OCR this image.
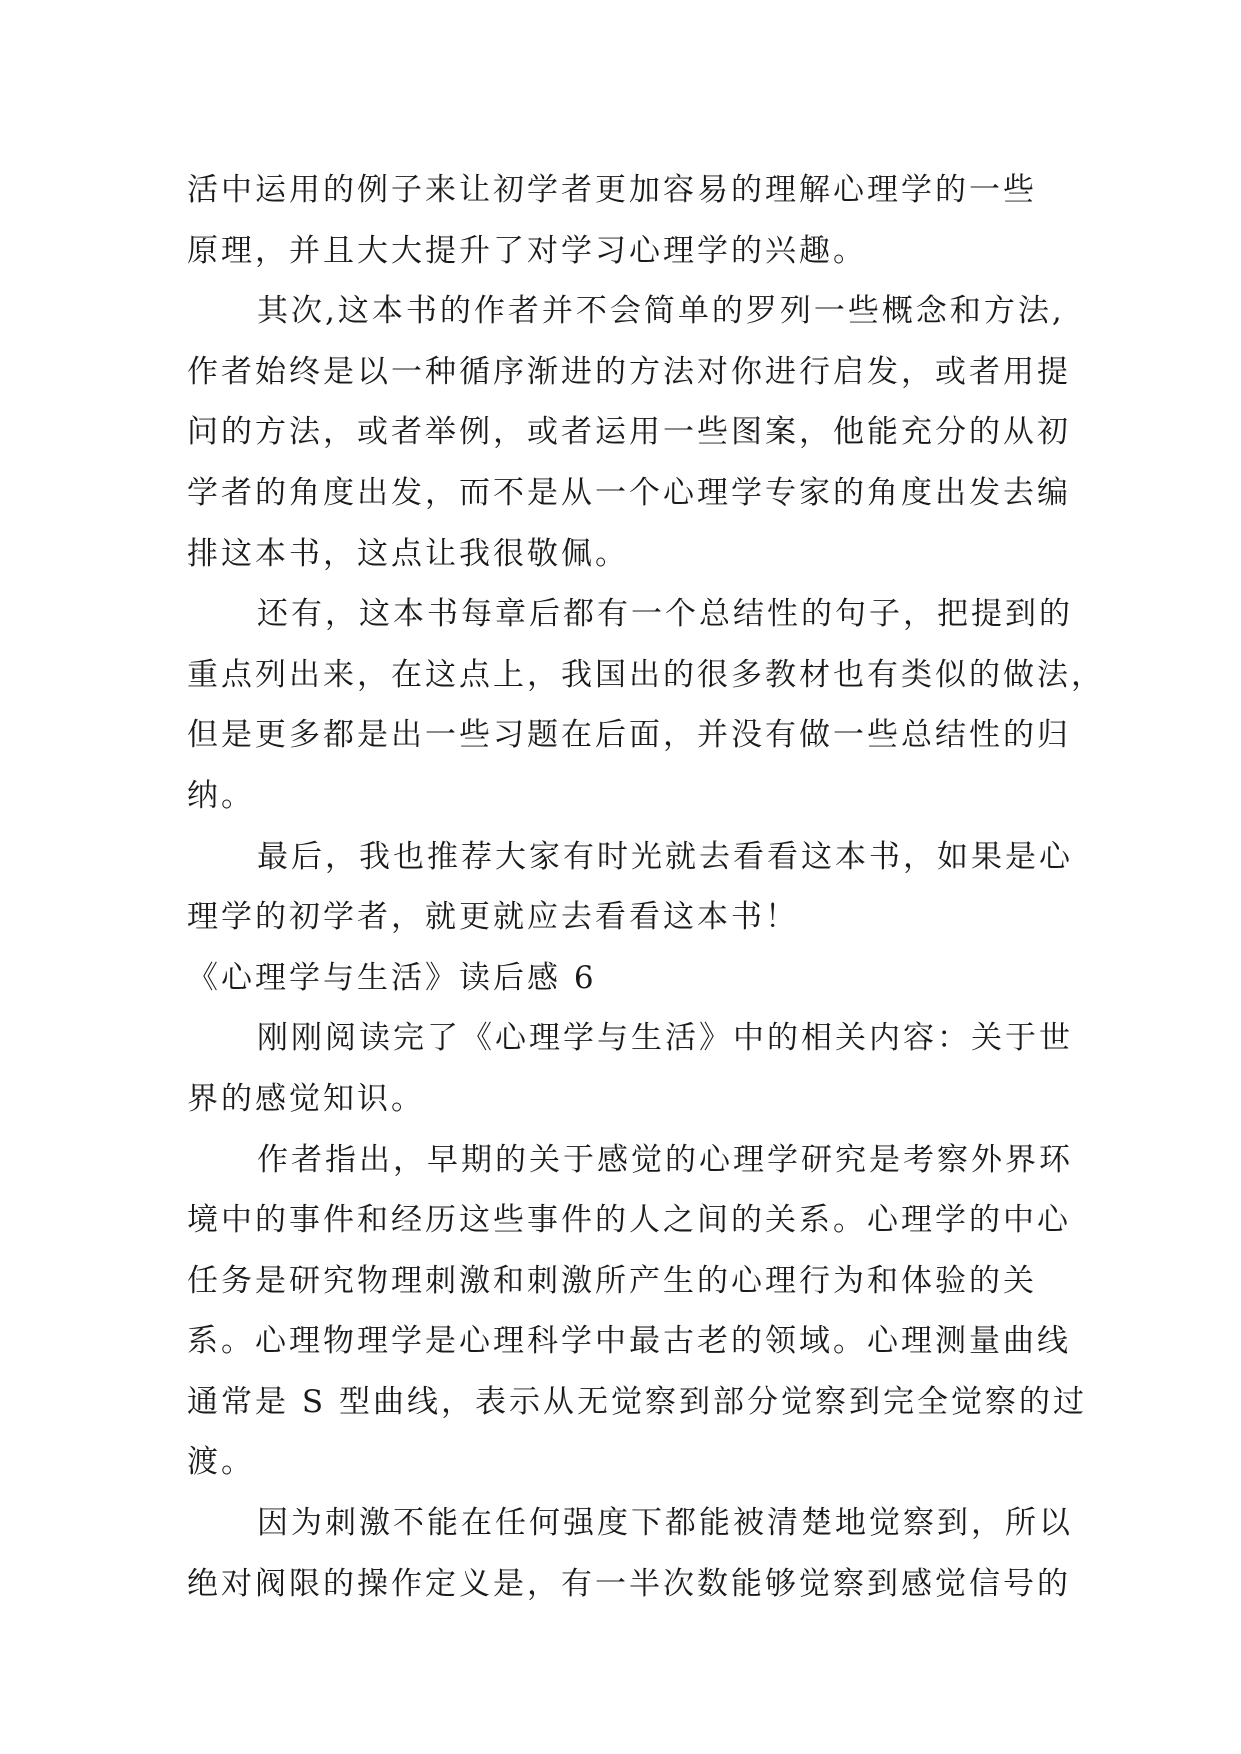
活中运用的例子来让初学者更加容易的理解心理学的一些
原理，并且大大提升了对学习心理学的兴趣。
其次,这本书的作者并不会简单的罗列一些概念和方法,
作者始终是以一种循序渐进的方法对你进行启发，或者用提
问的方法，或者举例，或者运用一些图案，他能充分的从初
学者的角度出发，而不是从一个心理学专家的角度出发去编
排这本书，这点让我很敬佩。
还有，这本书每章后都有一个总结性的句子，把提到的
重点列出来，在这点上，我国出的很多教材也有类似的做法，
但是更多都是出一些习题在后面，并没有做一些总结性的归
纳。
最后，我也推荐大家有时光就去看看这本书，如果是心
理学的初学者，就更就应去看看这本书！
《心理学与生活》读后感 6
刚刚阅读完了《心理学与生活》中的相关内容：关于世
界的感觉知识。
作者指出，早期的关于感觉的心理学研究是考察外界环
境中的事件和经历这些事件的人之间的关系。心理学的中心
任务是研究物理刺激和刺激所产生的心理行为和体验的关
系。心理物理学是心理科学中最古老的领域。心理测量曲线
通常是 S 型曲线，表示从无觉察到部分觉察到完全觉察的过
渡。
因为刺激不能在任何强度下都能被清楚地觉察到，所以
绝对阀限的操作定义是，有一半次数能够觉察到感觉信号的
